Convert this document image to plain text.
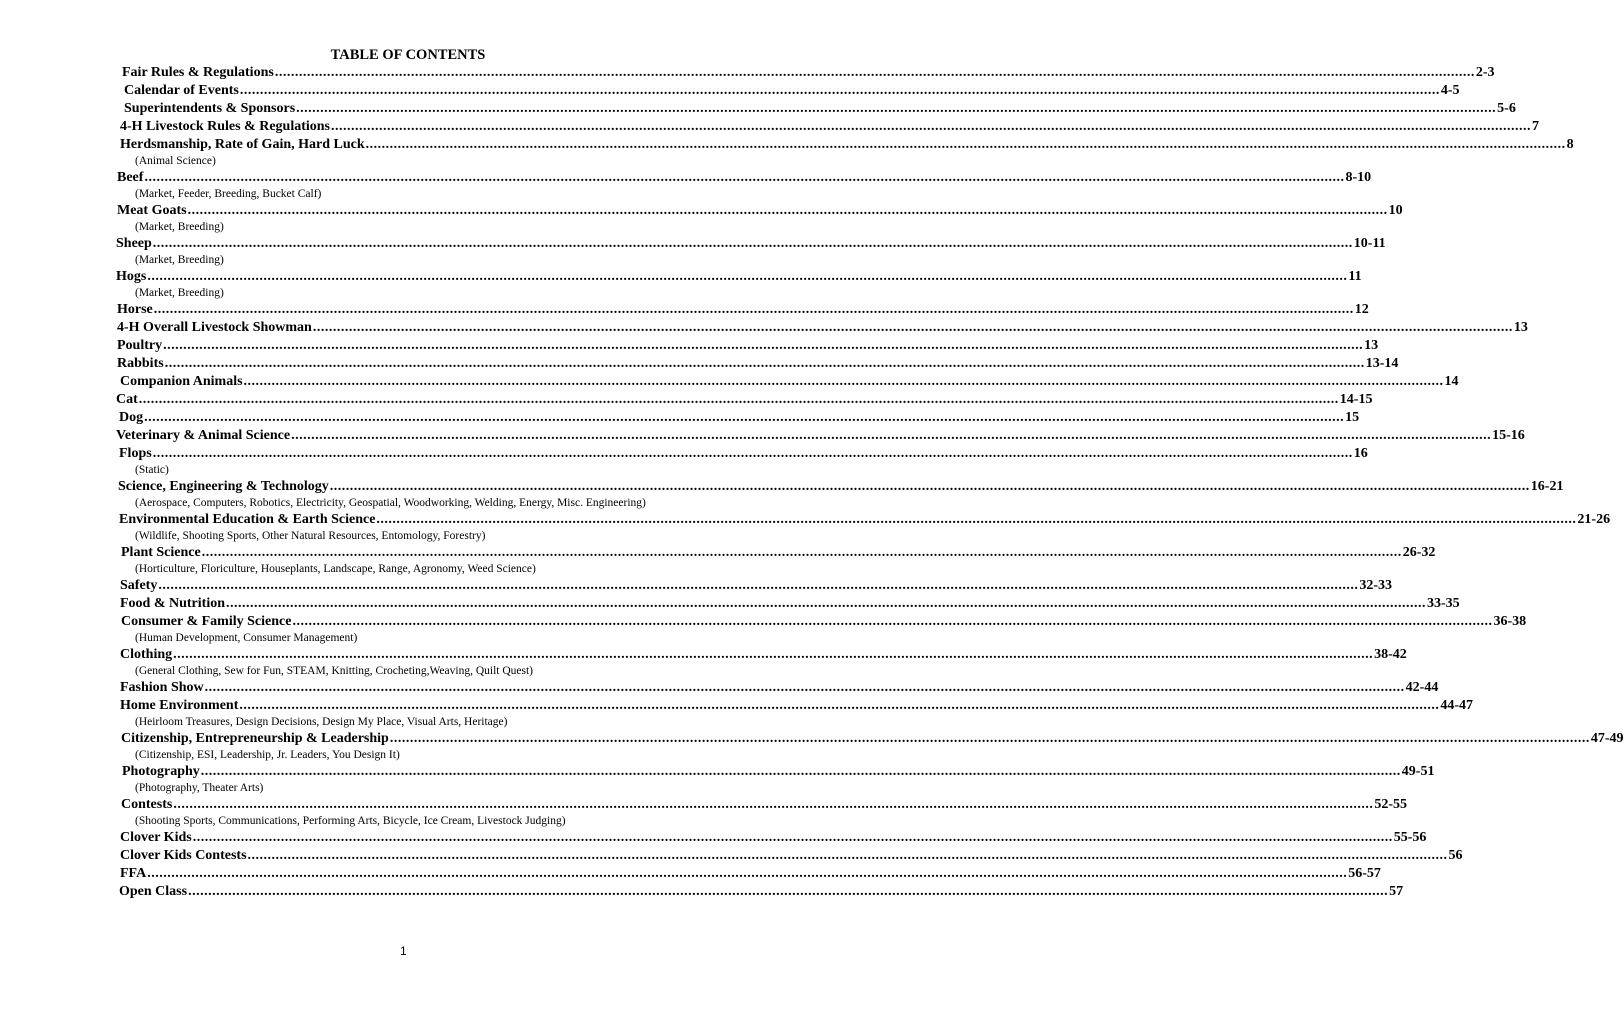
TABLE OF CONTENTS
Fair Rules & Regulations ............................................................................................................................................................................................................................................................................................................ 2-3
Calendar of Events ............................................................................................................................................................................................................................................................................................................ 4-5
Superintendents & Sponsors ............................................................................................................................................................................................................................................................................................................ 5-6
4-H Livestock Rules & Regulations ............................................................................................................................................................................................................................................................................................................ 7
Herdsmanship, Rate of Gain, Hard Luck ............................................................................................................................................................................................................................................................................................................ 8
(Animal Science)
Beef ............................................................................................................................................................................................................................................................................................................ 8-10
(Market, Feeder, Breeding, Bucket Calf)
Meat Goats ............................................................................................................................................................................................................................................................................................................ 10
(Market, Breeding)
Sheep ............................................................................................................................................................................................................................................................................................................ 10-11
(Market, Breeding)
Hogs ............................................................................................................................................................................................................................................................................................................ 11
(Market, Breeding)
Horse ............................................................................................................................................................................................................................................................................................................ 12
4-H Overall Livestock Showman ............................................................................................................................................................................................................................................................................................................ 13
Poultry ............................................................................................................................................................................................................................................................................................................ 13
Rabbits ............................................................................................................................................................................................................................................................................................................ 13-14
Companion Animals ............................................................................................................................................................................................................................................................................................................ 14
Cat ............................................................................................................................................................................................................................................................................................................ 14-15
Dog ............................................................................................................................................................................................................................................................................................................ 15
Veterinary & Animal Science ............................................................................................................................................................................................................................................................................................................ 15-16
Flops ............................................................................................................................................................................................................................................................................................................ 16
(Static)
Science, Engineering & Technology ............................................................................................................................................................................................................................................................................................................ 16-21
(Aerospace, Computers, Robotics, Electricity, Geospatial, Woodworking, Welding, Energy, Misc. Engineering)
Environmental Education & Earth Science ............................................................................................................................................................................................................................................................................................................ 21-26
(Wildlife, Shooting Sports, Other Natural Resources, Entomology, Forestry)
Plant Science ............................................................................................................................................................................................................................................................................................................ 26-32
(Horticulture, Floriculture, Houseplants, Landscape, Range, Agronomy, Weed Science)
Safety ............................................................................................................................................................................................................................................................................................................ 32-33
Food & Nutrition ............................................................................................................................................................................................................................................................................................................ 33-35
Consumer & Family Science ............................................................................................................................................................................................................................................................................................................ 36-38
(Human Development, Consumer Management)
Clothing ............................................................................................................................................................................................................................................................................................................ 38-42
(General Clothing, Sew for Fun, STEAM, Knitting, Crocheting,Weaving, Quilt Quest)
Fashion Show ............................................................................................................................................................................................................................................................................................................ 42-44
Home Environment ............................................................................................................................................................................................................................................................................................................ 44-47
(Heirloom Treasures, Design Decisions, Design My Place, Visual Arts, Heritage)
Citizenship, Entrepreneurship & Leadership ............................................................................................................................................................................................................................................................................................................ 47-49
(Citizenship, ESI, Leadership, Jr. Leaders, You Design It)
Photography ............................................................................................................................................................................................................................................................................................................ 49-51
(Photography, Theater Arts)
Contests ............................................................................................................................................................................................................................................................................................................ 52-55
(Shooting Sports, Communications, Performing Arts, Bicycle, Ice Cream, Livestock Judging)
Clover Kids ............................................................................................................................................................................................................................................................................................................ 55-56
Clover Kids Contests ............................................................................................................................................................................................................................................................................................................ 56
FFA ............................................................................................................................................................................................................................................................................................................ 56-57
Open Class ............................................................................................................................................................................................................................................................................................................ 57
1
